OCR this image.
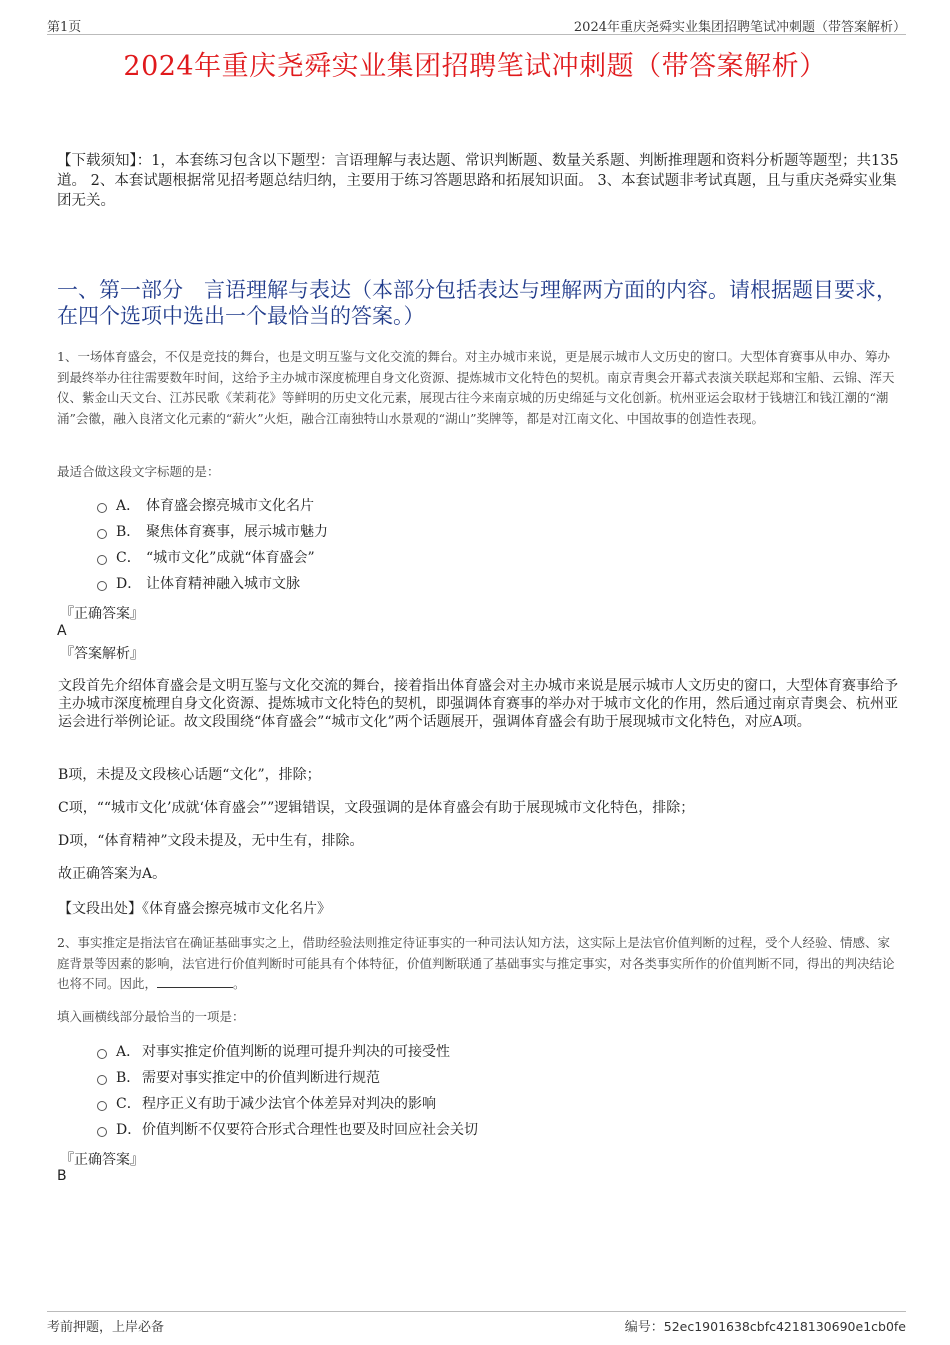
第1页	2024年重庆尧舜实业集团招聘笔试冲刺题（带答案解析）
2024年重庆尧舜实业集团招聘笔试冲刺题（带答案解析）
【下载须知】：1，本套练习包含以下题型：言语理解与表达题、常识判断题、数量关系题、判断推理题和资料分析题等题型；共135道。 2、本套试题根据常见招考题总结归纳，主要用于练习答题思路和拓展知识面。 3、本套试题非考试真题，且与重庆尧舜实业集团无关。
一、第一部分　言语理解与表达（本部分包括表达与理解两方面的内容。请根据题目要求，在四个选项中选出一个最恰当的答案。）
1、一场体育盛会，不仅是竞技的舞台，也是文明互鉴与文化交流的舞台。对主办城市来说，更是展示城市人文历史的窗口。大型体育赛事从申办、筹办到最终举办往往需要数年时间，这给予主办城市深度梳理自身文化资源、提炼城市文化特色的契机。南京青奥会开幕式表演关联起郑和宝船、云锦、浑天仪、紫金山天文台、江苏民歌《茉莉花》等鲜明的历史文化元素，展现古往今来南京城的历史绵延与文化创新。杭州亚运会取材于钱塘江和钱江潮的“潮涌”会徽，融入良渚文化元素的“薪火”火炬，融合江南独特山水景观的“湖山”奖牌等，都是对江南文化、中国故事的创造性表现。
最适合做这段文字标题的是：
A． 体育盛会擦亮城市文化名片
B． 聚焦体育赛事，展示城市魅力
C． “城市文化”成就“体育盛会”
D． 让体育精神融入城市文脉
『正确答案』
A
『答案解析』
文段首先介绍体育盛会是文明互鉴与文化交流的舞台，接着指出体育盛会对主办城市来说是展示城市人文历史的窗口，大型体育赛事给予主办城市深度梳理自身文化资源、提炼城市文化特色的契机，即强调体育赛事的举办对于城市文化的作用，然后通过南京青奥会、杭州亚运会进行举例论证。故文段围绕“体育盛会”“城市文化”两个话题展开，强调体育盛会有助于展现城市文化特色，对应A项。
B项，未提及文段核心话题“文化”，排除；
C项，““城市文化’成就‘体育盛会””逻辑错误，文段强调的是体育盛会有助于展现城市文化特色，排除；
D项，“体育精神”文段未提及，无中生有，排除。
故正确答案为A。
【文段出处】《体育盛会擦亮城市文化名片》
2、事实推定是指法官在确证基础事实之上，借助经验法则推定待证事实的一种司法认知方法，这实际上是法官价值判断的过程，受个人经验、情感、家庭背景等因素的影响，法官进行价值判断时可能具有个体特征，价值判断联通了基础事实与推定事实，对各类事实所作的价值判断不同，得出的判决结论也将不同。因此，	。
填入画横线部分最恰当的一项是：
A． 对事实推定价值判断的说理可提升判决的可接受性
B． 需要对事实推定中的价值判断进行规范
C．程序正义有助于减少法官个体差异对判决的影响
D．价值判断不仅要符合形式合理性也要及时回应社会关切
『正确答案』
B
考前押题，上岸必备	编号：52ec1901638cbfc4218130690e1cb0fe
